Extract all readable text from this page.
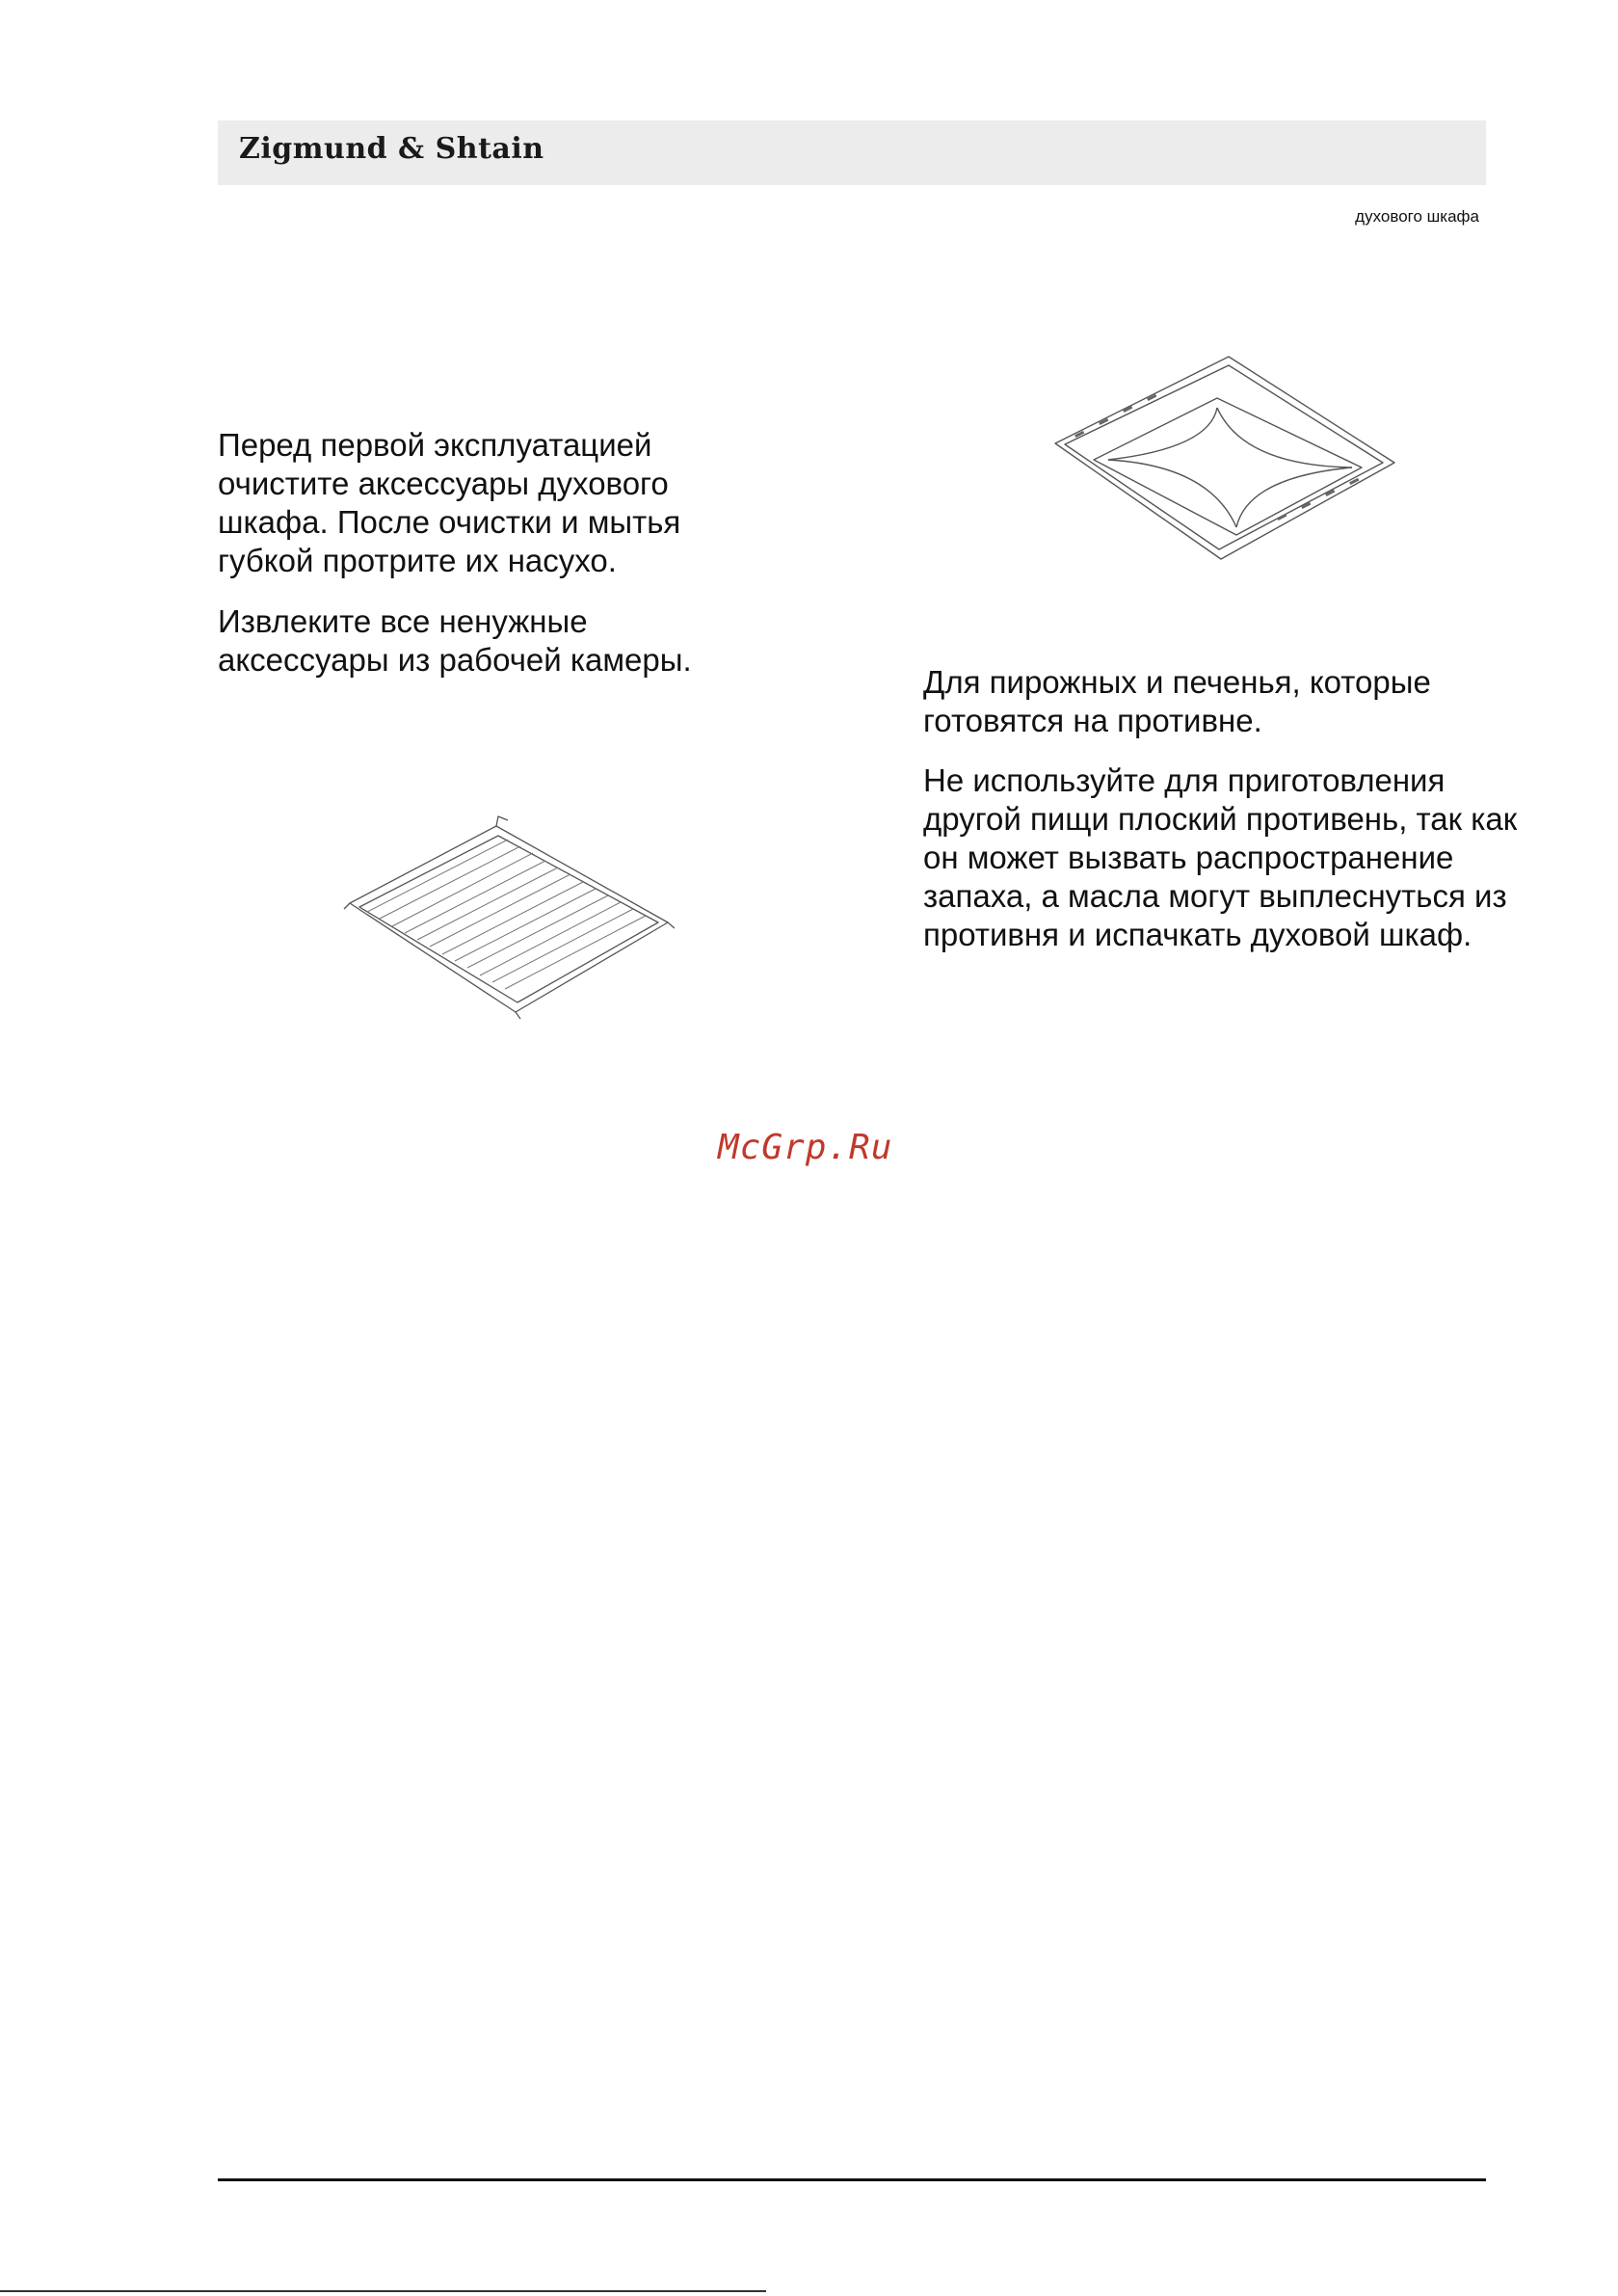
Zigmund & Shtain
духового шкафа

Перед первой эксплуатацией очистите аксессуары духового шкафа. После очистки и мытья губкой протрите их насухо.

Извлеките все ненужные аксессуары из рабочей камеры.

Для пирожных и печенья, которые готовятся на противне.

Не используйте для приготовления другой пищи плоский противень, так как он может вызвать распространение запаха, а масла могут выплеснуться из противня и испачкать духовой шкаф.

McGrp.Ru
